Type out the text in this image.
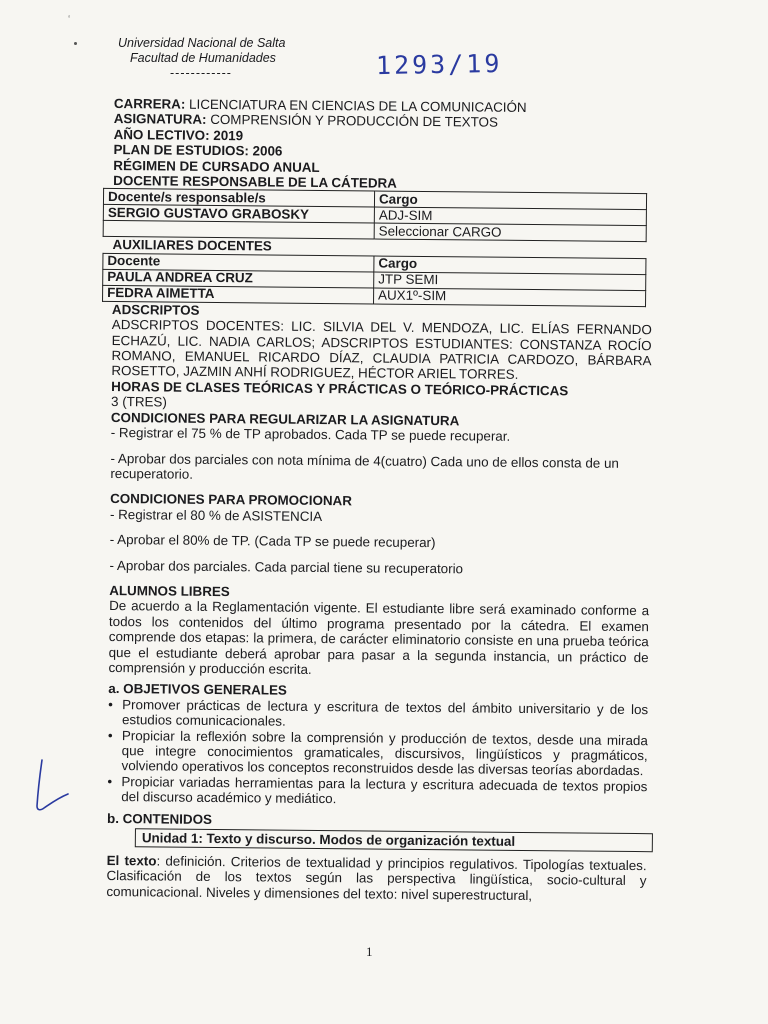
‘
Universidad Nacional de Salta
Facultad de Humanidades
------------	1293/19

CARRERA: LICENCIATURA EN CIENCIAS DE LA COMUNICACIÓN

ASIGNATURA: COMPRENSIÓN Y PRODUCCIÓN DE TEXTOS

AÑO LECTIVO: 2019

PLAN DE ESTUDIOS: 2006

RÉGIMEN DE CURSADO ANUAL

DOCENTE RESPONSABLE DE LA CÁTEDRA

Docente/s responsable/s	Cargo
SERGIO GUSTAVO GRABOSKY	ADJ-SIM
	Seleccionar CARGO

AUXILIARES DOCENTES

Docente	Cargo
PAULA ANDREA CRUZ	JTP SEMI
FEDRA AIMETTA	AUX1º-SIM

ADSCRIPTOS

ADSCRIPTOS DOCENTES: LIC. SILVIA DEL V. MENDOZA, LIC. ELÍAS FERNANDO ECHAZÚ, LIC. NADIA CARLOS; ADSCRIPTOS ESTUDIANTES: CONSTANZA ROCÍO ROMANO, EMANUEL RICARDO DÍAZ, CLAUDIA PATRICIA CARDOZO, BÁRBARA ROSETTO, JAZMIN ANHÍ RODRIGUEZ, HÉCTOR ARIEL TORRES.

HORAS DE CLASES TEÓRICAS Y PRÁCTICAS O TEÓRICO-PRÁCTICAS

3 (TRES)

CONDICIONES PARA REGULARIZAR LA ASIGNATURA

- Registrar el 75 % de TP aprobados. Cada TP se puede recuperar.

- Aprobar dos parciales con nota mínima de 4(cuatro) Cada uno de ellos consta de un recuperatorio.

CONDICIONES PARA PROMOCIONAR

- Registrar el 80 % de ASISTENCIA

- Aprobar el 80% de TP. (Cada TP se puede recuperar)

- Aprobar dos parciales. Cada parcial tiene su recuperatorio

ALUMNOS LIBRES

De acuerdo a la Reglamentación vigente. El estudiante libre será examinado conforme a todos los contenidos del último programa presentado por la cátedra. El examen comprende dos etapas: la primera, de carácter eliminatorio consiste en una prueba teórica que el estudiante deberá aprobar para pasar a la segunda instancia, un práctico de comprensión y producción escrita.

a. OBJETIVOS GENERALES

• Promover prácticas de lectura y escritura de textos del ámbito universitario y de los estudios comunicacionales.
• Propiciar la reflexión sobre la comprensión y producción de textos, desde una mirada que integre conocimientos gramaticales, discursivos, lingüísticos y pragmáticos, volviendo operativos los conceptos reconstruidos desde las diversas teorías abordadas.
• Propiciar variadas herramientas para la lectura y escritura adecuada de textos propios del discurso académico y mediático.

b. CONTENIDOS

Unidad 1: Texto y discurso. Modos de organización textual

El texto: definición. Criterios de textualidad y principios regulativos. Tipologías textuales. Clasificación de los textos según las perspectiva lingüística, socio-cultural y comunicacional. Niveles y dimensiones del texto: nivel superestructural,

1
